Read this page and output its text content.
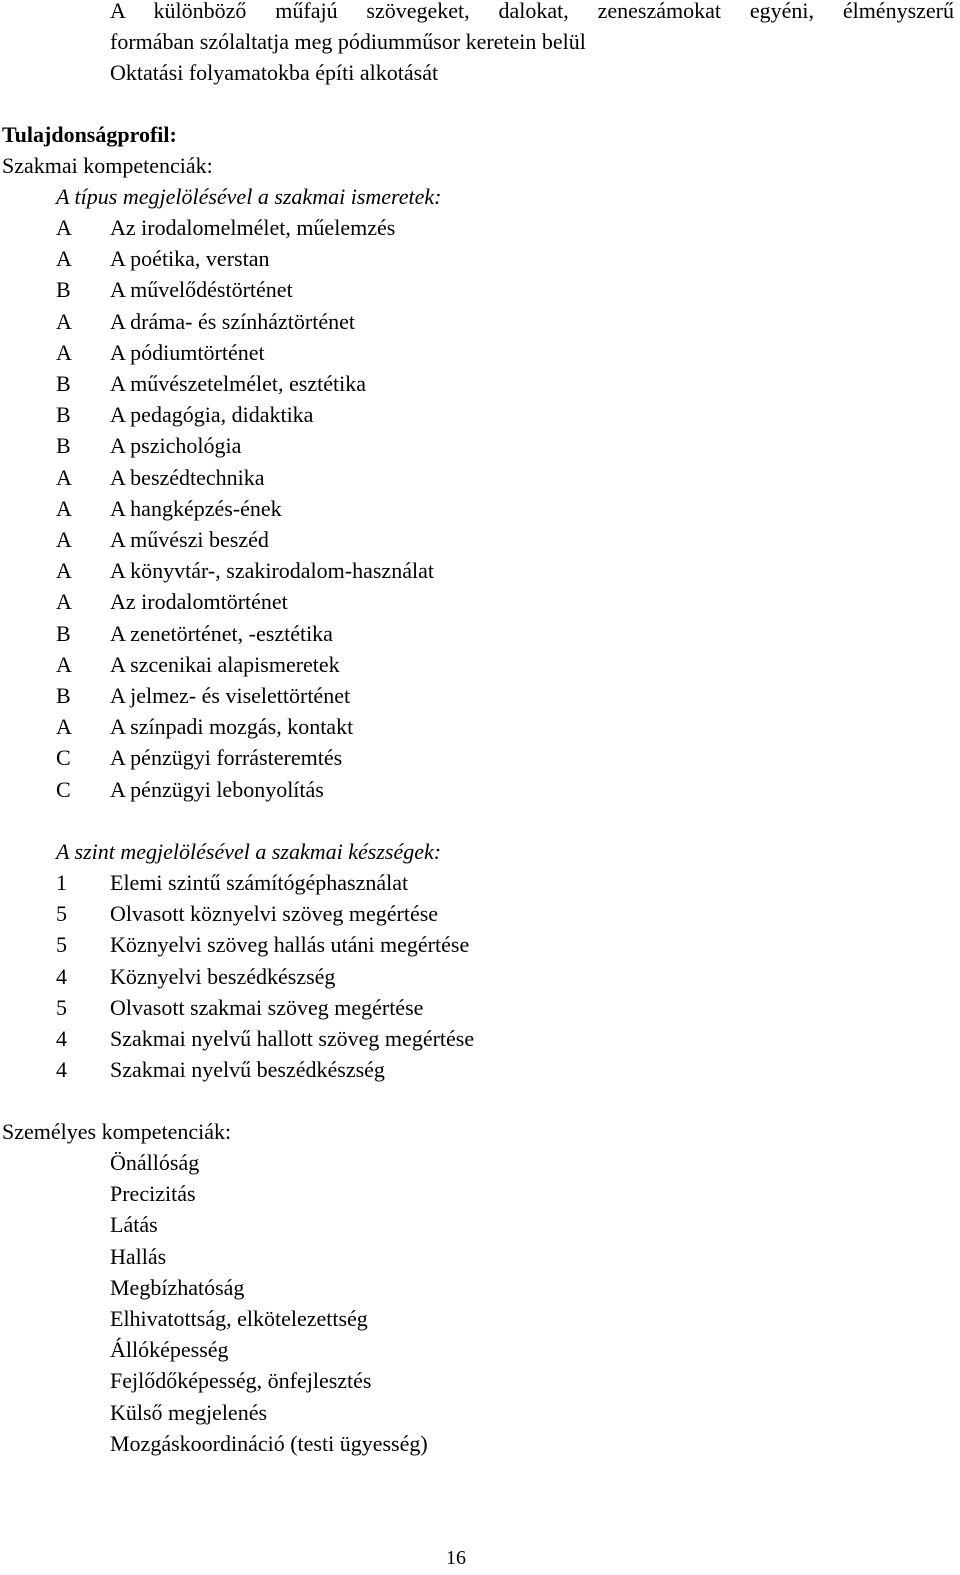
A különböző műfajú szövegeket, dalokat, zeneszámokat egyéni, élményszerű
formában szólaltatja meg pódiumműsor keretein belül
Oktatási folyamatokba építi alkotását
Tulajdonságprofil:
Szakmai kompetenciák:
A típus megjelölésével a szakmai ismeretek:
A Az irodalomelmélet, műelemzés
A A poétika, verstan
B A művelődéstörténet
A A dráma- és színháztörténet
A A pódiumtörténet
B A művészetelmélet, esztétika
B A pedagógia, didaktika
B A pszichológia
A A beszédtechnika
A A hangképzés-ének
A A művészi beszéd
A A könyvtár-, szakirodalom-használat
A Az irodalomtörténet
B A zenetörténet, -esztétika
A A szcenikai alapismeretek
B A jelmez- és viselettörténet
A A színpadi mozgás, kontakt
C A pénzügyi forrásteremtés
C A pénzügyi lebonyolítás
A szint megjelölésével a szakmai készségek:
1 Elemi szintű számítógéphasználat
5 Olvasott köznyelvi szöveg megértése
5 Köznyelvi szöveg hallás utáni megértése
4 Köznyelvi beszédkészség
5 Olvasott szakmai szöveg megértése
4 Szakmai nyelvű hallott szöveg megértése
4 Szakmai nyelvű beszédkészség
Személyes kompetenciák:
Önállóság
Precizitás
Látás
Hallás
Megbízhatóság
Elhivatottság, elkötelezettség
Állóképesség
Fejlődőképesség, önfejlesztés
Külső megjelenés
Mozgáskoordináció (testi ügyesség)
16
